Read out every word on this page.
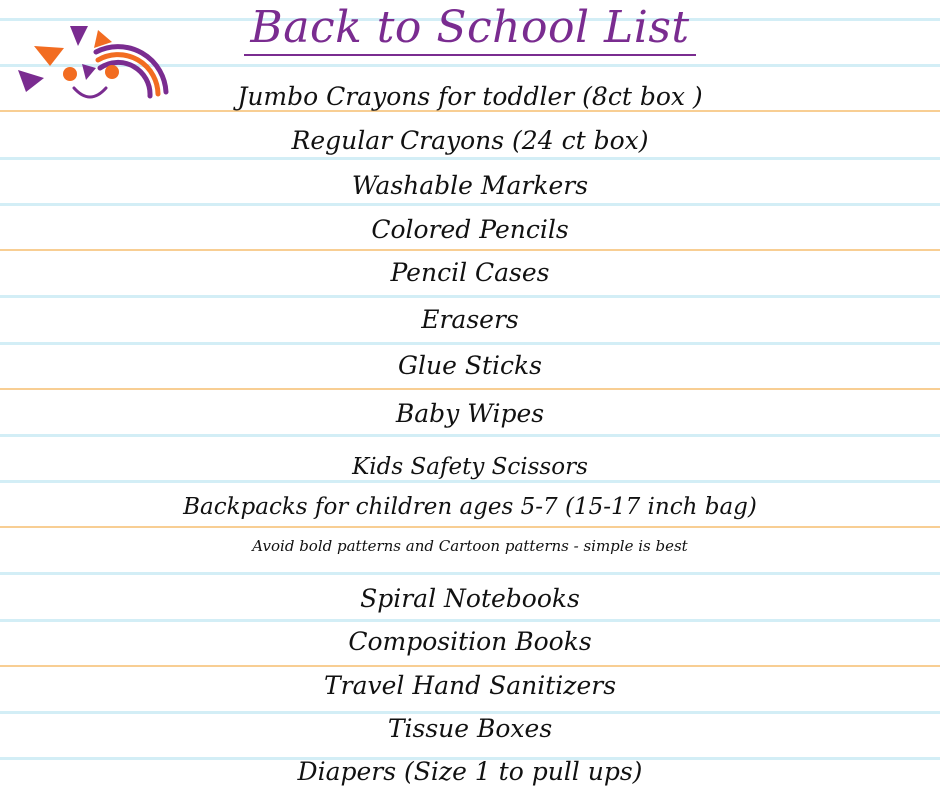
Back to School List
Jumbo Crayons for toddler (8ct box )
Regular Crayons (24 ct box)
Washable Markers
Colored Pencils
Pencil Cases
Erasers
Glue Sticks
Baby Wipes
Kids Safety Scissors
Backpacks for children ages 5-7 (15-17 inch bag)
Avoid bold patterns and Cartoon patterns - simple is best
Spiral Notebooks
Composition Books
Travel Hand Sanitizers
Tissue Boxes
Diapers (Size 1 to pull ups)
